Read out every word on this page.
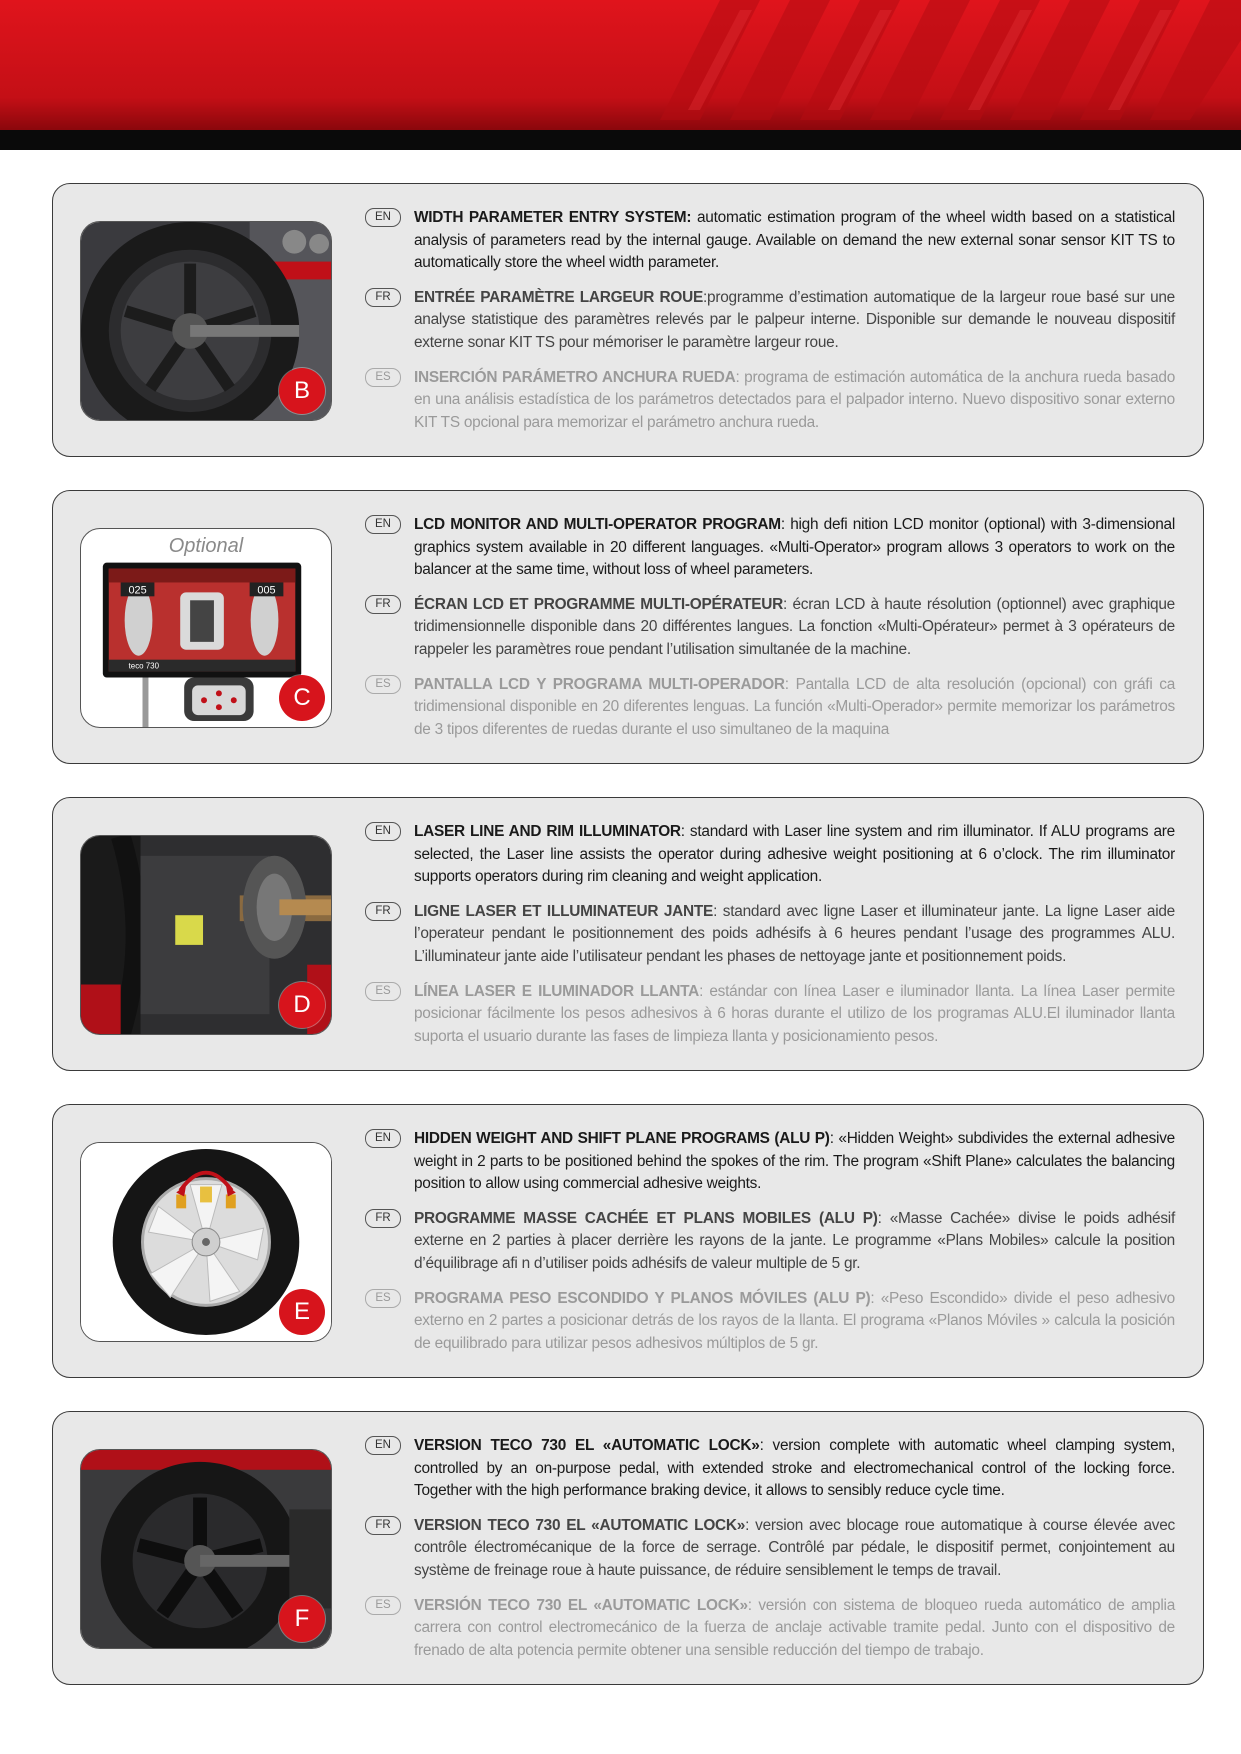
B
EN	WIDTH PARAMETER ENTRY SYSTEM: automatic estimation program of the wheel width based on a statistical analysis of parameters read by the internal gauge. Available on demand the new external sonar sensor KIT TS to automatically store the wheel width parameter.

FR	ENTRÉE PARAMÈTRE LARGEUR ROUE:programme d’estimation automatique de la largeur roue basé sur une analyse statistique des paramètres relevés par le palpeur interne. Disponible sur demande le nouveau dispositif externe sonar KIT TS pour mémoriser le paramètre largeur roue.

ES	INSERCIÓN PARÁMETRO ANCHURA RUEDA: programa de estimación automática de la anchura rueda basado en una análisis estadística de los parámetros detectados para el palpador interno. Nuevo dispositivo sonar externo KIT TS opcional para memorizar el parámetro anchura rueda.

Optional
025	005
teco 730
C
EN	LCD MONITOR AND MULTI-OPERATOR PROGRAM: high defi nition LCD monitor (optional) with 3-dimensional graphics system available in 20 different languages. «Multi-Operator» program allows 3 operators to work on the balancer at the same time, without loss of wheel parameters.

FR	ÉCRAN LCD ET PROGRAMME MULTI-OPÉRATEUR: écran LCD à haute résolution (optionnel) avec graphique tridimensionnelle disponible dans 20 différentes langues. La fonction «Multi-Opérateur» permet à 3 opérateurs de rappeler les paramètres roue pendant l’utilisation simultanée de la machine.

ES	PANTALLA LCD Y PROGRAMA MULTI-OPERADOR: Pantalla LCD de alta resolución (opcional) con gráfi ca tridimensional disponible en 20 diferentes lenguas. La función «Multi-Operador» permite memorizar los parámetros de 3 tipos diferentes de ruedas durante el uso simultaneo de la maquina

D
EN	LASER LINE AND RIM ILLUMINATOR: standard with Laser line system and rim illuminator. If ALU programs are selected, the Laser line assists the operator during adhesive weight positioning at 6 o’clock. The rim illuminator supports operators during rim cleaning and weight application.

FR	LIGNE LASER ET ILLUMINATEUR JANTE: standard avec ligne Laser et illuminateur jante. La ligne Laser aide l’operateur pendant le positionnement des poids adhésifs à 6 heures pendant l’usage des programmes ALU. L’illuminateur jante aide l’utilisateur pendant les phases de nettoyage jante et positionnement poids.

ES	LÍNEA LASER E ILUMINADOR LLANTA: estándar con línea Laser e iluminador llanta. La línea Laser permite posicionar fácilmente los pesos adhesivos à 6 horas durante el utilizo de los programas ALU.El iluminador llanta suporta el usuario durante las fases de limpieza llanta y posicionamiento pesos.

E
EN	HIDDEN WEIGHT AND SHIFT PLANE PROGRAMS (ALU P): «Hidden Weight» subdivides the external adhesive weight in 2 parts to be positioned behind the spokes of the rim. The program «Shift Plane» calculates the balancing position to allow using commercial adhesive weights.

FR	PROGRAMME MASSE CACHÉE ET PLANS MOBILES (ALU P): «Masse Cachée» divise le poids adhésif externe en 2 parties à placer derrière les rayons de la jante. Le programme «Plans Mobiles» calcule la position d’équilibrage afi n d’utiliser poids adhésifs de valeur multiple de 5 gr.

ES	PROGRAMA PESO ESCONDIDO Y PLANOS MÓVILES (ALU P): «Peso Escondido» divide el peso adhesivo externo en 2 partes a posicionar detrás de los rayos de la llanta. El programa «Planos Móviles » calcula la posición de equilibrado para utilizar pesos adhesivos múltiplos de 5 gr.

F
EN	VERSION TECO 730 EL «AUTOMATIC LOCK»: version complete with automatic wheel clamping system, controlled by an on-purpose pedal, with extended stroke and electromechanical control of the locking force. Together with the high performance braking device, it allows to sensibly reduce cycle time.

FR	VERSION TECO 730 EL «AUTOMATIC LOCK»: version avec blocage roue automatique à course élevée avec contrôle électromécanique de la force de serrage. Contrôlé par pédale, le dispositif permet, conjointement au système de freinage roue à haute puissance, de réduire sensiblement le temps de travail.

ES	VERSIÓN TECO 730 EL «AUTOMATIC LOCK»: versión con sistema de bloqueo rueda automático de amplia carrera con control electromecánico de la fuerza de anclaje activable tramite pedal. Junto con el dispositivo de frenado de alta potencia permite obtener una sensible reducción del tiempo de trabajo.
